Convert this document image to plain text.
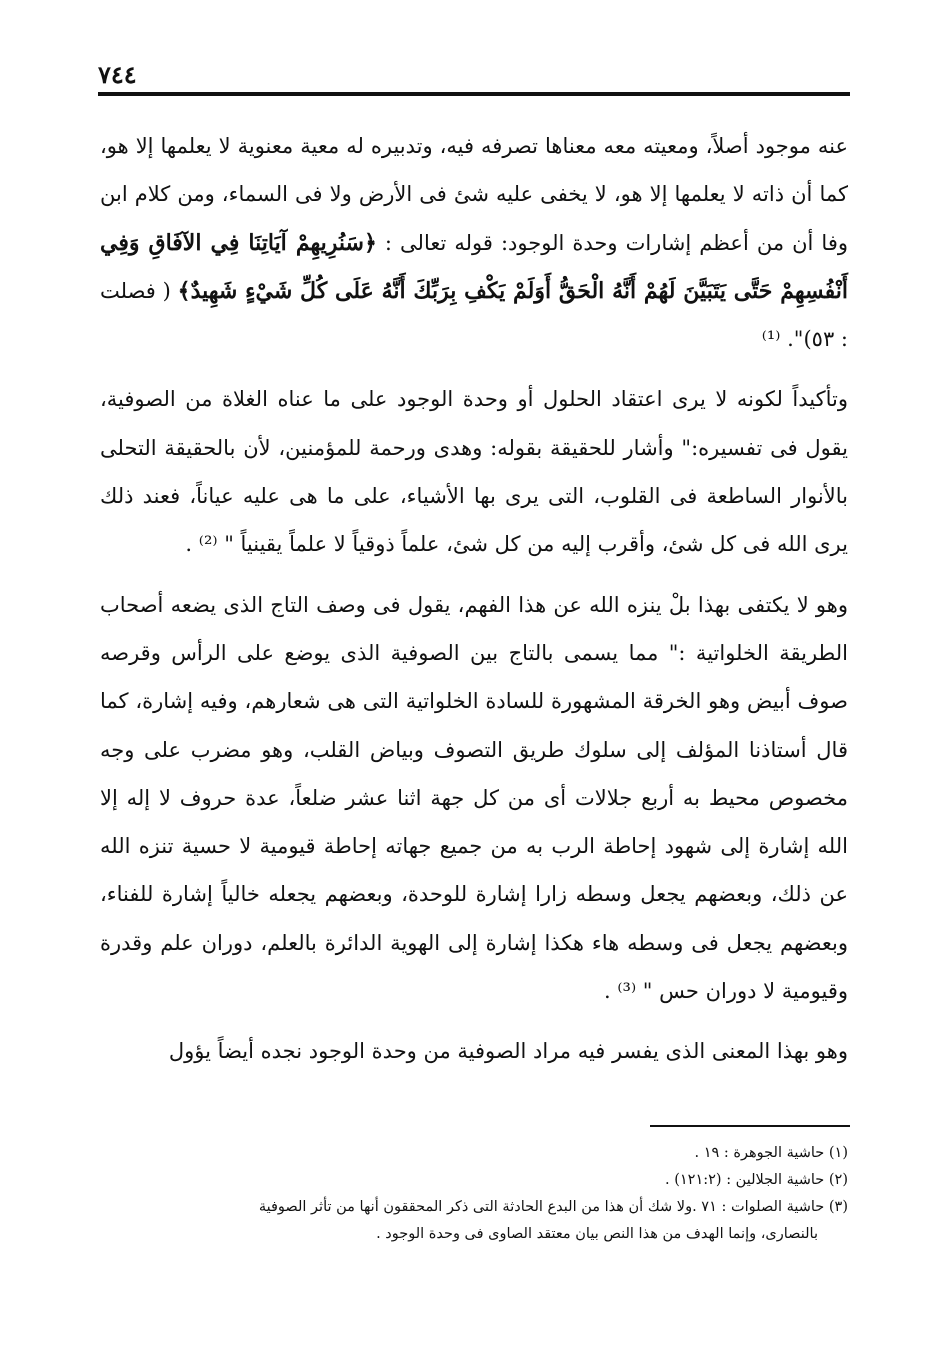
٧٤٤

عنه موجود أصلاً، ومعيته معه معناها تصرفه فيه، وتدبيره له معية معنوية لا يعلمها إلا هو، كما أن ذاته لا يعلمها إلا هو، لا يخفى عليه شئ فى الأرض ولا فى السماء، ومن كلام ابن وفا أن من أعظم إشارات وحدة الوجود: قوله تعالى : ﴿سَنُرِيهِمْ آيَاتِنَا فِي الآفَاقِ وَفِي أَنْفُسِهِمْ حَتَّى يَتَبَيَّنَ لَهُمْ أَنَّهُ الْحَقُّ أَوَلَمْ يَكْفِ بِرَبِّكَ أَنَّهُ عَلَى كُلِّ شَيْءٍ شَهِيدٌ﴾ ( فصلت : ٥٣)". ⁽¹⁾

وتأكيداً لكونه لا يرى اعتقاد الحلول أو وحدة الوجود على ما عناه الغلاة من الصوفية، يقول فى تفسيره:" وأشار للحقيقة بقوله: وهدى ورحمة للمؤمنين، لأن بالحقيقة التحلى بالأنوار الساطعة فى القلوب، التى يرى بها الأشياء، على ما هى عليه عياناً، فعند ذلك يرى الله فى كل شئ، وأقرب إليه من كل شئ، علماً ذوقياً لا علماً يقينياً " ⁽²⁾ .

وهو لا يكتفى بهذا بلْ ينزه الله عن هذا الفهم، يقول فى وصف التاج الذى يضعه أصحاب الطريقة الخلواتية :" مما يسمى بالتاج بين الصوفية الذى يوضع على الرأس وقرصه صوف أبيض وهو الخرقة المشهورة للسادة الخلواتية التى هى شعارهم، وفيه إشارة، كما قال أستاذنا المؤلف إلى سلوك طريق التصوف وبياض القلب، وهو مضرب على وجه مخصوص محيط به أربع جلالات أى من كل جهة اثنا عشر ضلعاً، عدة حروف لا إله إلا الله إشارة إلى شهود إحاطة الرب به من جميع جهاته إحاطة قيومية لا حسية تنزه الله عن ذلك، وبعضهم يجعل وسطه زارا إشارة للوحدة، وبعضهم يجعله خالياً إشارة للفناء، وبعضهم يجعل فى وسطه هاء هكذا إشارة إلى الهوية الدائرة بالعلم، دوران علم وقدرة وقيومية لا دوران حس " ⁽³⁾ .

وهو بهذا المعنى الذى يفسر فيه مراد الصوفية من وحدة الوجود نجده أيضاً يؤول

(١) حاشية الجوهرة : ١٩ .

(٢) حاشية الجلالين : (١٢١:٢) .

(٣) حاشية الصلوات : ٧١ .ولا شك أن هذا من البدع الحادثة التى ذكر المحققون أنها من تأثر الصوفية

بالنصارى، وإنما الهدف من هذا النص بيان معتقد الصاوى فى وحدة الوجود .
